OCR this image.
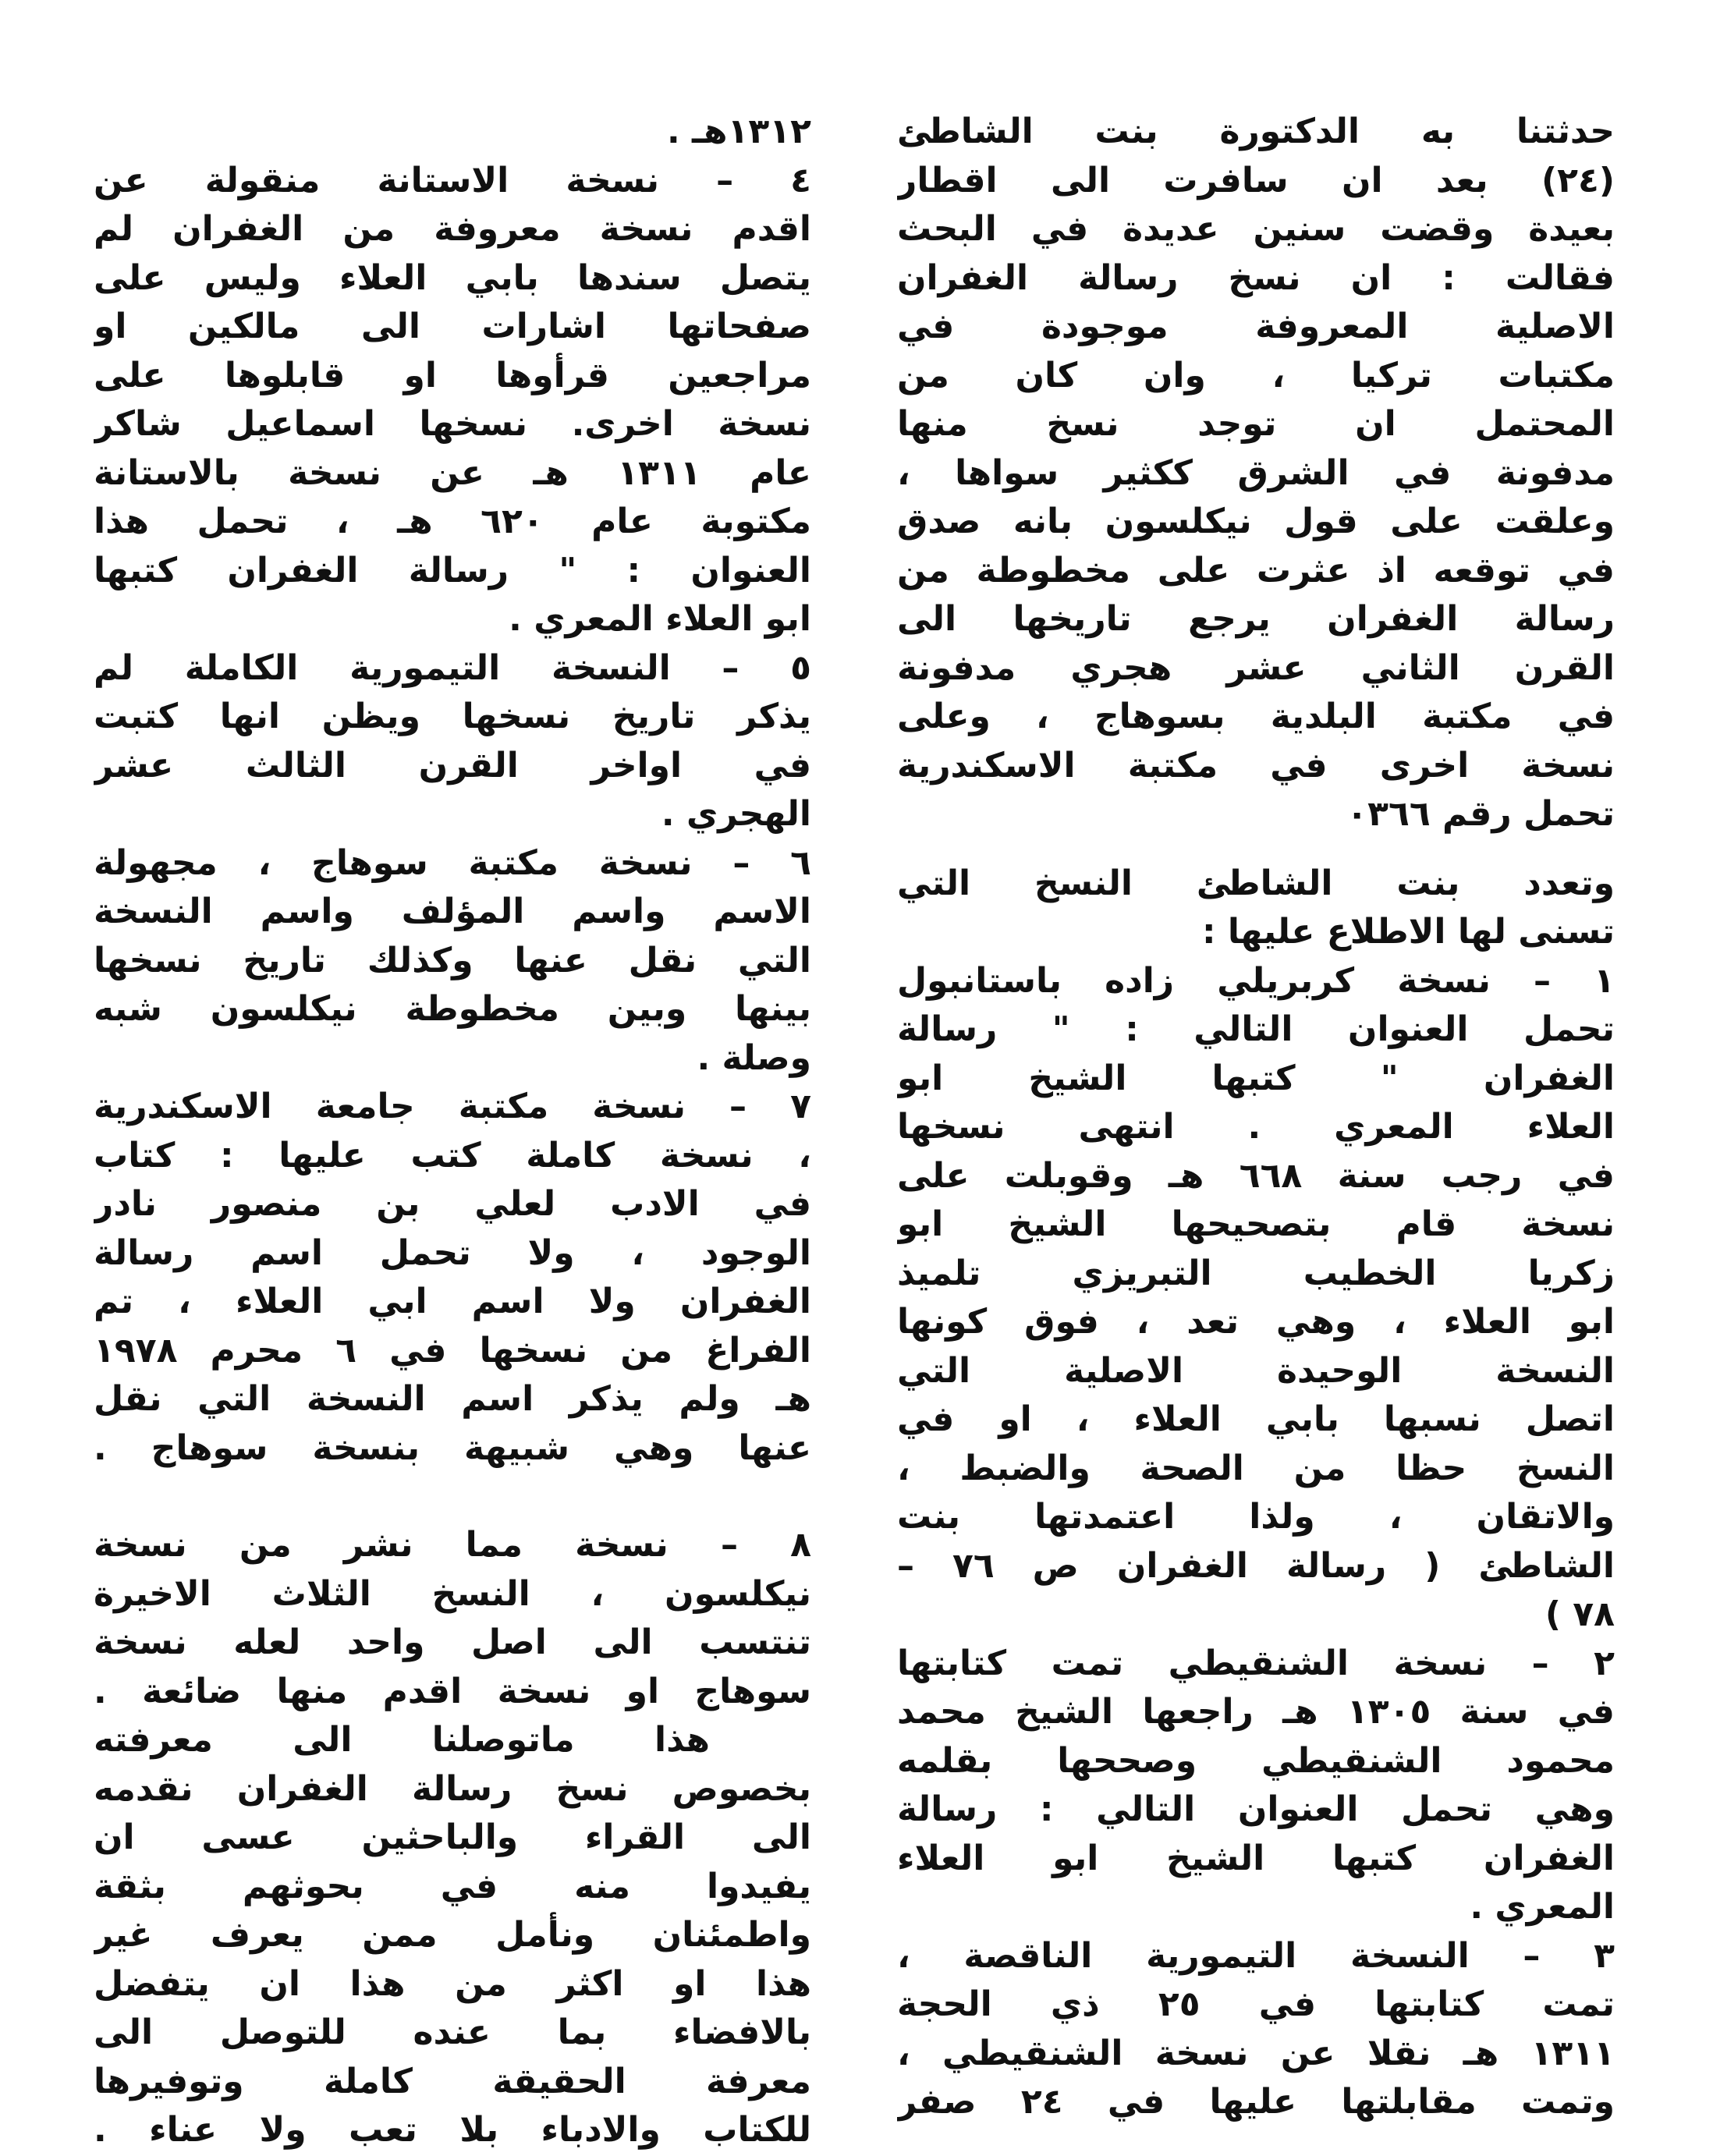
حدثتنا به الدكتورة بنت الشاطئ
(٢٤) بعد ان سافرت الى اقطار
بعيدة وقضت سنين عديدة في البحث
فقالت : ان نسخ رسالة الغفران
الاصلية المعروفة موجودة في
مكتبات تركيا ، وان كان من
المحتمل ان توجد نسخ منها
مدفونة في الشرق ككثير سواها ،
وعلقت على قول نيكلسون بانه صدق
في توقعه اذ عثرت على مخطوطة من
رسالة الغفران يرجع تاريخها الى
القرن الثاني عشر هجري مدفونة
في مكتبة البلدية بسوهاج ، وعلى
نسخة اخرى في مكتبة الاسكندرية
تحمل رقم ٠٣٦٦
وتعدد بنت الشاطئ النسخ التي
تسنى لها الاطلاع عليها :
١ – نسخة كربريلي زاده باستانبول
تحمل العنوان التالي : " رسالة
الغفران " كتبها الشيخ ابو
العلاء المعري . انتهى نسخها
في رجب سنة ٦٦٨ هـ وقوبلت على
نسخة قام بتصحيحها الشيخ ابو
زكريا الخطيب التبريزي تلميذ
ابو العلاء ، وهي تعد ، فوق كونها
النسخة الوحيدة الاصلية التي
اتصل نسبها بابي العلاء ، او في
النسخ حظا من الصحة والضبط ،
والاتقان ، ولذا اعتمدتها بنت
الشاطئ ( رسالة الغفران ص ٧٦ –
٧٨ )
٢ – نسخة الشنقيطي تمت كتابتها
في سنة ١٣٠٥ هـ راجعها الشيخ محمد
محمود الشنقيطي وصححها بقلمه
وهي تحمل العنوان التالي : رسالة
الغفران كتبها الشيخ ابو العلاء
المعري .
٣ – النسخة التيمورية الناقصة ،
تمت كتابتها في ٢٥ ذي الحجة
١٣١١ هـ نقلا عن نسخة الشنقيطي ،
وتمت مقابلتها عليها في ٢٤ صفر
١٣١٢هـ .
٤ – نسخة الاستانة منقولة عن
اقدم نسخة معروفة من الغفران لم
يتصل سندها بابي العلاء وليس على
صفحاتها اشارات الى مالكين او
مراجعين قرأوها او قابلوها على
نسخة اخرى. نسخها اسماعيل شاكر
عام ١٣١١ هـ عن نسخة بالاستانة
مكتوبة عام ٦٢٠ هـ ، تحمل هذا
العنوان : " رسالة الغفران كتبها
ابو العلاء المعري .
٥ – النسخة التيمورية الكاملة لم
يذكر تاريخ نسخها ويظن انها كتبت
في اواخر القرن الثالث عشر
الهجري .
٦ – نسخة مكتبة سوهاج ، مجهولة
الاسم واسم المؤلف واسم النسخة
التي نقل عنها وكذلك تاريخ نسخها
بينها وبين مخطوطة نيكلسون شبه
وصلة .
٧ – نسخة مكتبة جامعة الاسكندرية
، نسخة كاملة كتب عليها : كتاب
في الادب لعلي بن منصور نادر
الوجود ، ولا تحمل اسم رسالة
الغفران ولا اسم ابي العلاء ، تم
الفراغ من نسخها في ٦ محرم ١٩٧٨
هـ ولم يذكر اسم النسخة التي نقل
عنها وهي شبيهة بنسخة سوهاج .
٨ – نسخة مما نشر من نسخة
نيكلسون ، النسخ الثلاث الاخيرة
تنتسب الى اصل واحد لعله نسخة
سوهاج او نسخة اقدم منها ضائعة .
هذا ماتوصلنا الى معرفته
بخصوص نسخ رسالة الغفران نقدمه
الى القراء والباحثين عسى ان
يفيدوا منه في بحوثهم بثقة
واطمئنان ونأمل ممن يعرف غير
هذا او اكثر من هذا ان يتفضل
بالافضاء بما عنده للتوصل الى
معرفة الحقيقة كاملة وتوفيرها
للكتاب والادباء بلا تعب ولا عناء .
